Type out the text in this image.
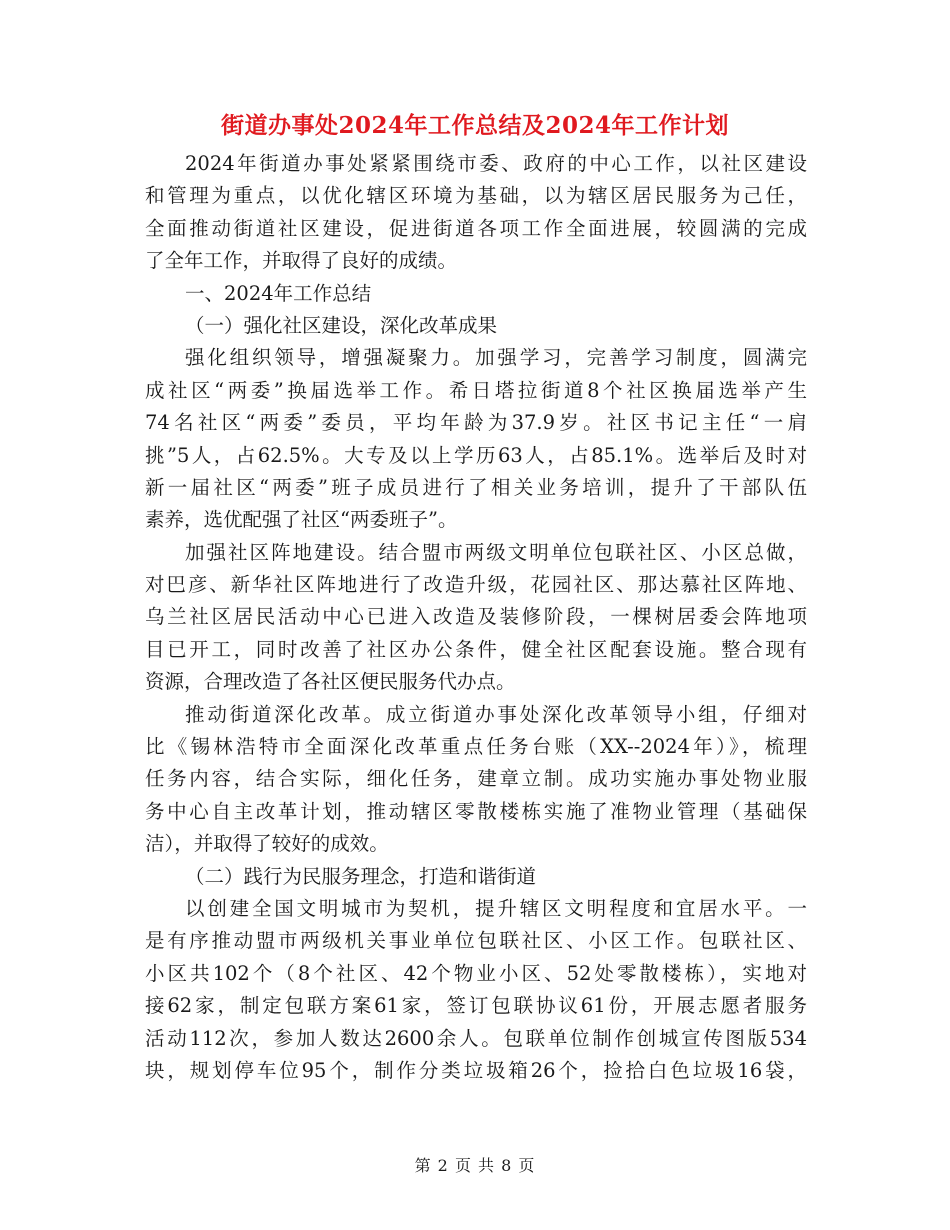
街道办事处2024年工作总结及2024年工作计划
2024年街道办事处紧紧围绕市委、政府的中心工作，以社区建设
和管理为重点，以优化辖区环境为基础，以为辖区居民服务为己任，
全面推动街道社区建设，促进街道各项工作全面进展，较圆满的完成
了全年工作，并取得了良好的成绩。
一、2024年工作总结
（一）强化社区建设，深化改革成果
强化组织领导，增强凝聚力。加强学习，完善学习制度，圆满完
成社区“两委”换届选举工作。希日塔拉街道8个社区换届选举产生
74名社区“两委”委员，平均年龄为37.9岁。社区书记主任“一肩
挑”5人，占62.5%。大专及以上学历63人，占85.1%。选举后及时对
新一届社区“两委”班子成员进行了相关业务培训，提升了干部队伍
素养，选优配强了社区“两委班子”。
加强社区阵地建设。结合盟市两级文明单位包联社区、小区总做，
对巴彦、新华社区阵地进行了改造升级，花园社区、那达慕社区阵地、
乌兰社区居民活动中心已进入改造及装修阶段，一棵树居委会阵地项
目已开工，同时改善了社区办公条件，健全社区配套设施。整合现有
资源，合理改造了各社区便民服务代办点。
推动街道深化改革。成立街道办事处深化改革领导小组，仔细对
比《锡林浩特市全面深化改革重点任务台账（XX--2024年）》，梳理
任务内容，结合实际，细化任务，建章立制。成功实施办事处物业服
务中心自主改革计划，推动辖区零散楼栋实施了准物业管理（基础保
洁），并取得了较好的成效。
（二）践行为民服务理念，打造和谐街道
以创建全国文明城市为契机，提升辖区文明程度和宜居水平。一
是有序推动盟市两级机关事业单位包联社区、小区工作。包联社区、
小区共102个（8个社区、42个物业小区、52处零散楼栋），实地对
接62家，制定包联方案61家，签订包联协议61份，开展志愿者服务
活动112次，参加人数达2600余人。包联单位制作创城宣传图版534
块，规划停车位95个，制作分类垃圾箱26个，捡拾白色垃圾16袋，
第 2 页 共 8 页
